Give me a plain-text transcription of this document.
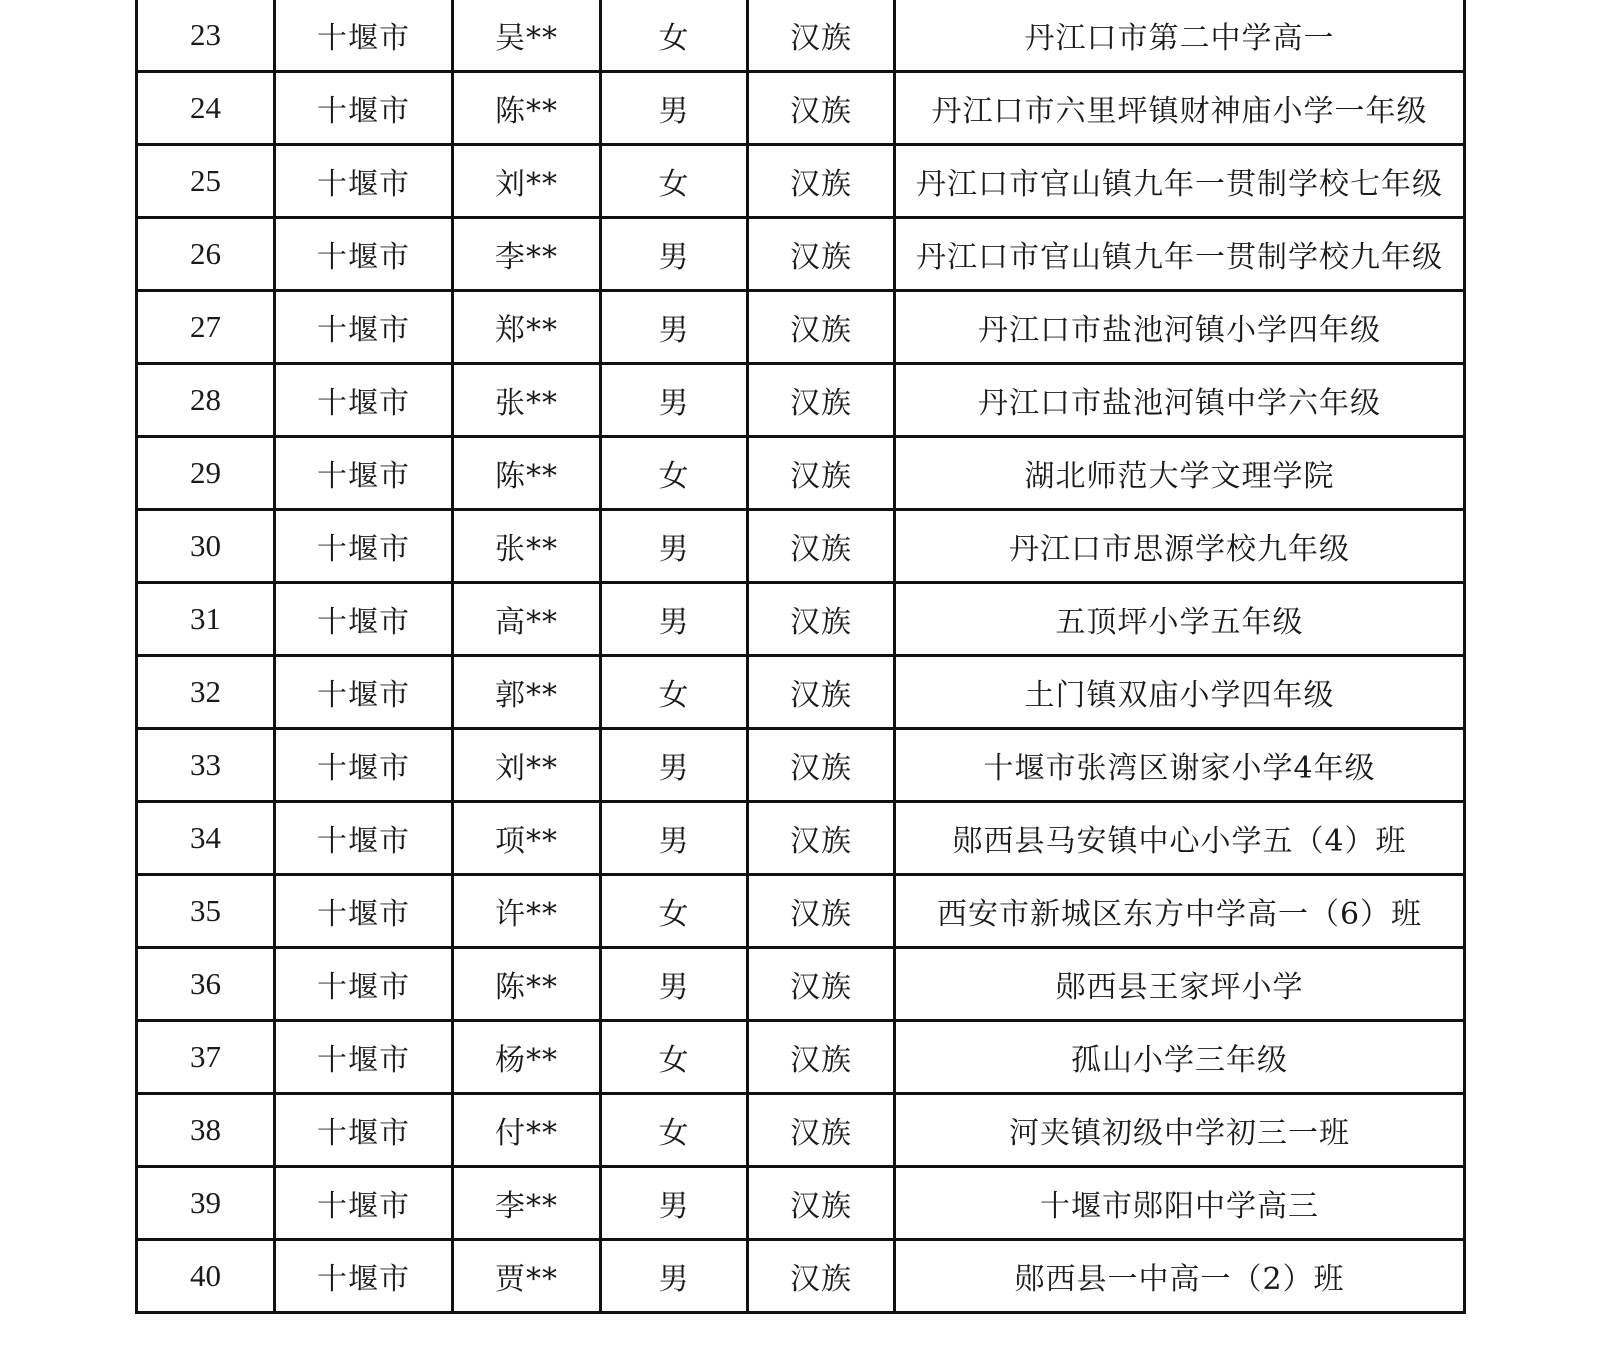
23	十堰市	吴**	女	汉族	丹江口市第二中学高一
24	十堰市	陈**	男	汉族	丹江口市六里坪镇财神庙小学一年级
25	十堰市	刘**	女	汉族	丹江口市官山镇九年一贯制学校七年级
26	十堰市	李**	男	汉族	丹江口市官山镇九年一贯制学校九年级
27	十堰市	郑**	男	汉族	丹江口市盐池河镇小学四年级
28	十堰市	张**	男	汉族	丹江口市盐池河镇中学六年级
29	十堰市	陈**	女	汉族	湖北师范大学文理学院
30	十堰市	张**	男	汉族	丹江口市思源学校九年级
31	十堰市	高**	男	汉族	五顶坪小学五年级
32	十堰市	郭**	女	汉族	土门镇双庙小学四年级
33	十堰市	刘**	男	汉族	十堰市张湾区谢家小学4年级
34	十堰市	项**	男	汉族	郧西县马安镇中心小学五（4）班
35	十堰市	许**	女	汉族	西安市新城区东方中学高一（6）班
36	十堰市	陈**	男	汉族	郧西县王家坪小学
37	十堰市	杨**	女	汉族	孤山小学三年级
38	十堰市	付**	女	汉族	河夹镇初级中学初三一班
39	十堰市	李**	男	汉族	十堰市郧阳中学高三
40	十堰市	贾**	男	汉族	郧西县一中高一（2）班
